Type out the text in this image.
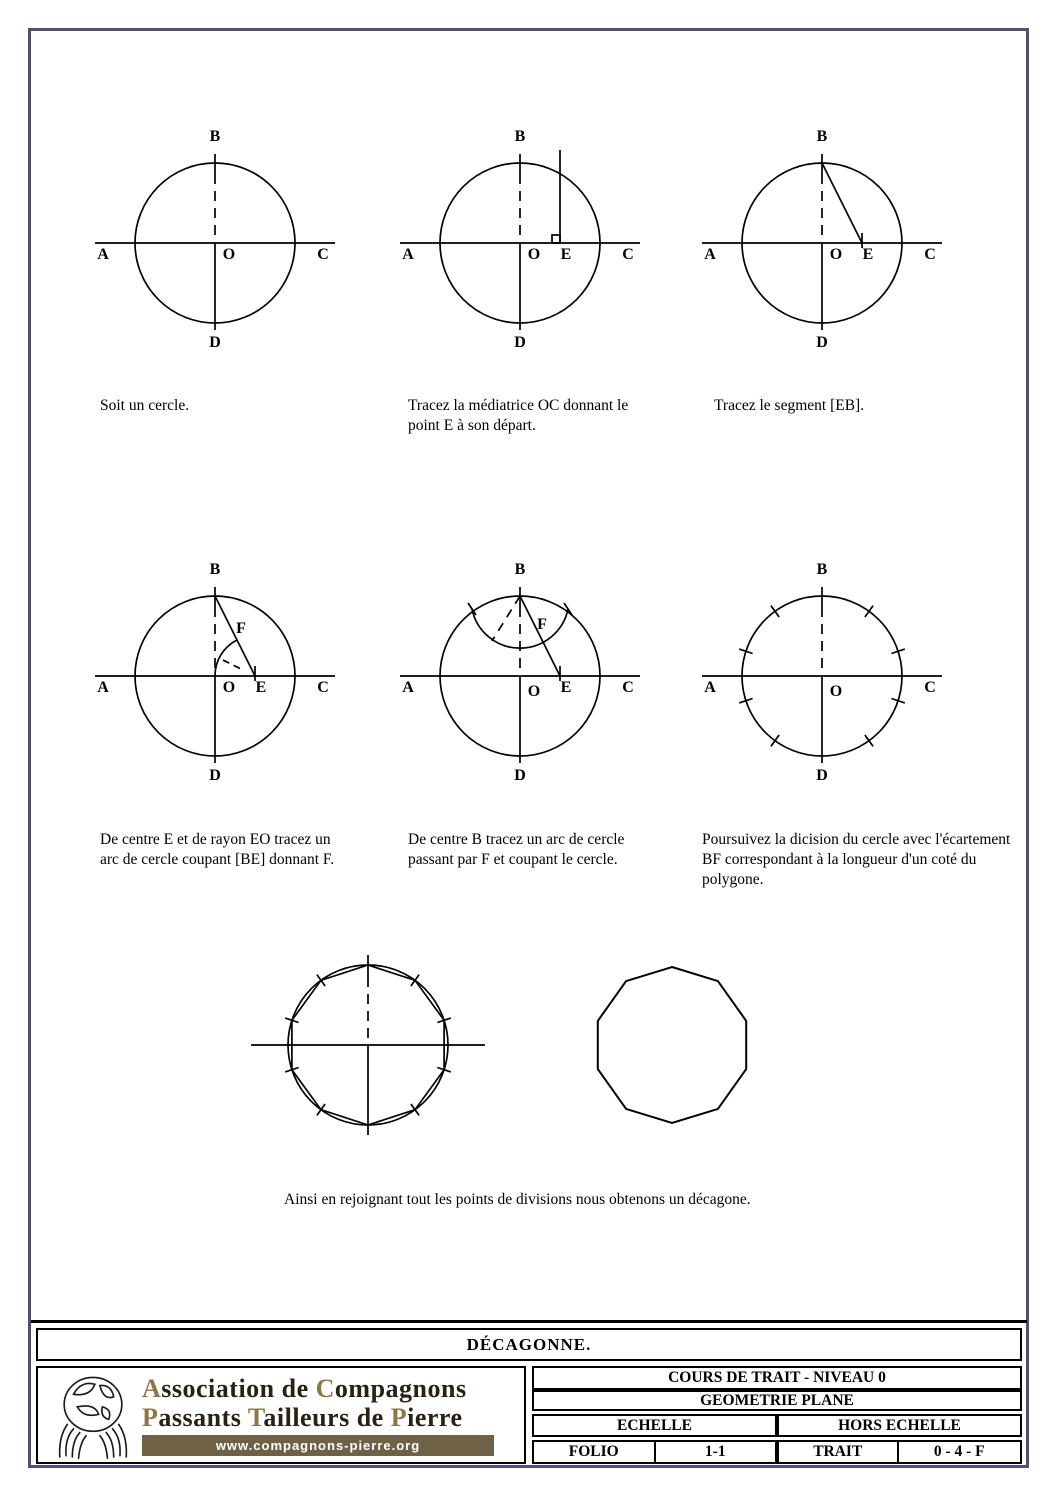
B
A	O	C
D
B
A	O E	C
D
B
A	O E	C
D
Soit un cercle.	Tracez la médiatrice OC donnant le point E à son départ.
Tracez le segment [EB].
B
F
A	O E	C
D
B
F
A	O E	C
D
B
A	O	C
D
De centre E et de rayon EO tracez un arc de cercle coupant [BE] donnant F.
De centre B tracez un arc de cercle passant par F et coupant le cercle.
Poursuivez la dicision du cercle avec l'écartement BF correspondant à la longueur d'un coté du polygone.
Ainsi en rejoignant tout les points de divisions nous obtenons un décagone.
DÉCAGONNE.
Association de Compagnons
Passants Tailleurs de Pierre
www.compagnons-pierre.org
COURS DE TRAIT - NIVEAU 0
GEOMETRIE PLANE
ECHELLE	HORS ECHELLE
FOLIO	1-1	TRAIT	0 - 4 - F
